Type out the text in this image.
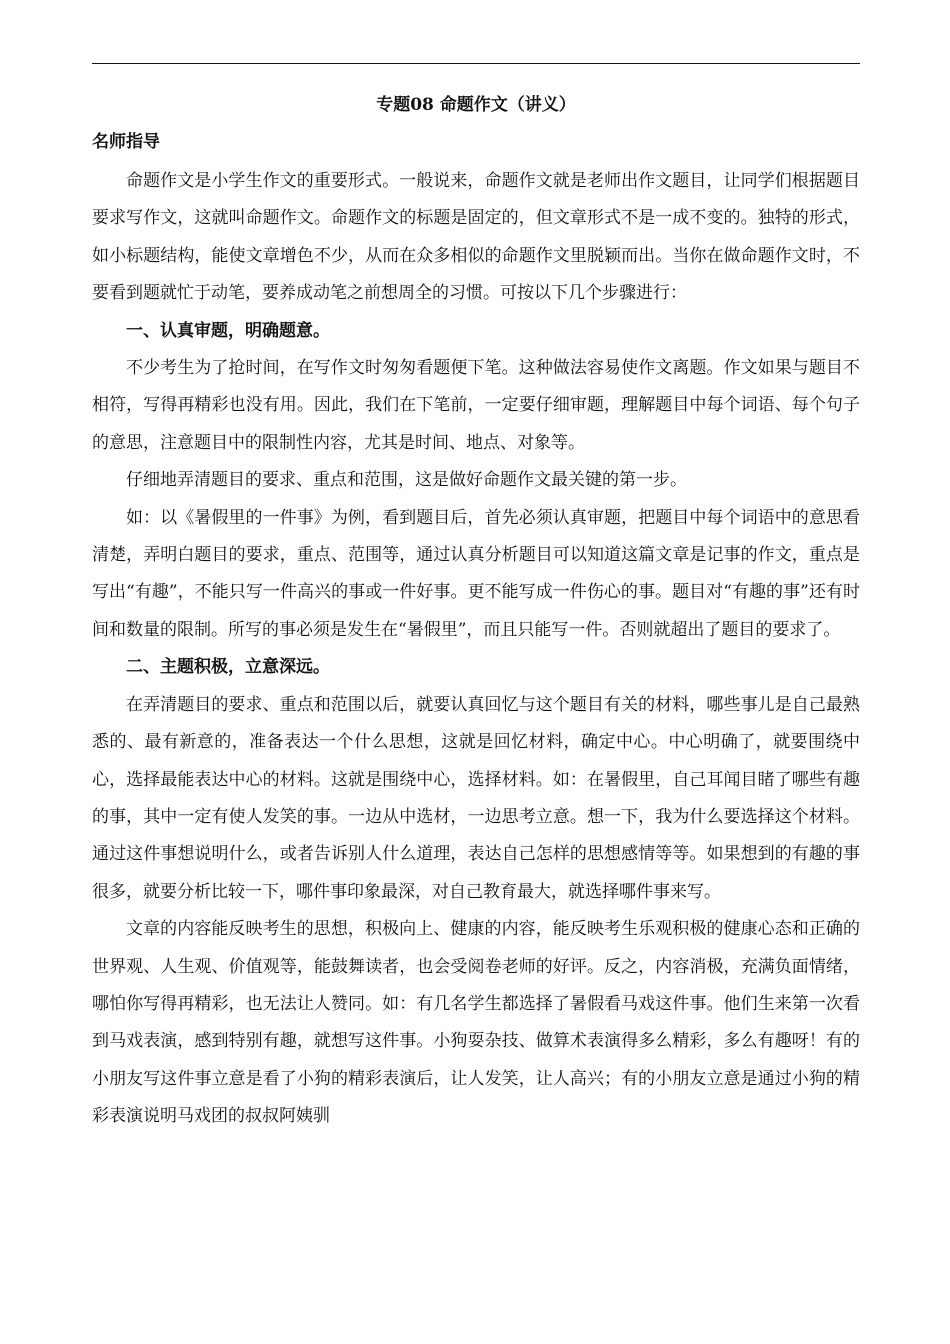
专题08 命题作文（讲义）
名师指导

命题作文是小学生作文的重要形式。一般说来，命题作文就是老师出作文题目，让同学们根据题目要求写作文，这就叫命题作文。命题作文的标题是固定的，但文章形式不是一成不变的。独特的形式，如小标题结构，能使文章增色不少，从而在众多相似的命题作文里脱颖而出。当你在做命题作文时，不要看到题就忙于动笔，要养成动笔之前想周全的习惯。可按以下几个步骤进行：

一、认真审题，明确题意。

不少考生为了抢时间，在写作文时匆匆看题便下笔。这种做法容易使作文离题。作文如果与题目不相符，写得再精彩也没有用。因此，我们在下笔前，一定要仔细审题，理解题目中每个词语、每个句子的意思，注意题目中的限制性内容，尤其是时间、地点、对象等。

仔细地弄清题目的要求、重点和范围，这是做好命题作文最关键的第一步。

如：以《暑假里的一件事》为例，看到题目后，首先必须认真审题，把题目中每个词语中的意思看清楚，弄明白题目的要求，重点、范围等，通过认真分析题目可以知道这篇文章是记事的作文，重点是写出“有趣”，不能只写一件高兴的事或一件好事。更不能写成一件伤心的事。题目对“有趣的事”还有时间和数量的限制。所写的事必须是发生在“暑假里”，而且只能写一件。否则就超出了题目的要求了。

二、主题积极，立意深远。

在弄清题目的要求、重点和范围以后，就要认真回忆与这个题目有关的材料，哪些事儿是自己最熟悉的、最有新意的，准备表达一个什么思想，这就是回忆材料，确定中心。中心明确了，就要围绕中心，选择最能表达中心的材料。这就是围绕中心，选择材料。如：在暑假里，自己耳闻目睹了哪些有趣的事，其中一定有使人发笑的事。一边从中选材，一边思考立意。想一下，我为什么要选择这个材料。通过这件事想说明什么，或者告诉别人什么道理，表达自己怎样的思想感情等等。如果想到的有趣的事很多，就要分析比较一下，哪件事印象最深，对自己教育最大，就选择哪件事来写。

文章的内容能反映考生的思想，积极向上、健康的内容，能反映考生乐观积极的健康心态和正确的世界观、人生观、价值观等，能鼓舞读者，也会受阅卷老师的好评。反之，内容消极，充满负面情绪，哪怕你写得再精彩，也无法让人赞同。如：有几名学生都选择了暑假看马戏这件事。他们生来第一次看到马戏表演，感到特别有趣，就想写这件事。小狗耍杂技、做算术表演得多么精彩，多么有趣呀！有的小朋友写这件事立意是看了小狗的精彩表演后，让人发笑，让人高兴；有的小朋友立意是通过小狗的精彩表演说明马戏团的叔叔阿姨驯
